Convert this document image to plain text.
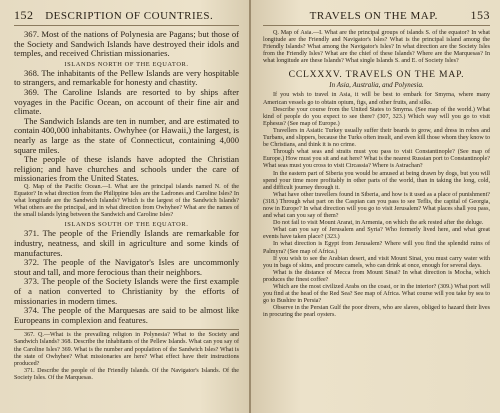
152 DESCRIPTION OF COUNTRIES.

367. Most of the nations of Polynesia are Pagans; but those of the Society and Sandwich Islands have destroyed their idols and temples, and received Christian missionaries.

ISLANDS NORTH OF THE EQUATOR.

368. The inhabitants of the Pellew Islands are very hospitable to strangers, and remarkable for honesty and chastity.

369. The Caroline Islands are resorted to by ships after voyages in the Pacific Ocean, on account of their fine air and climate.

The Sandwich Islands are ten in number, and are estimated to contain 400,000 inhabitants. Owhyhee (or Hawaii,) the largest, is nearly as large as the state of Connecticut, containing 4,000 square miles.

The people of these islands have adopted the Christian religion; and have churches and schools under the care of missionaries from the United States.

Q. Map of the Pacific Ocean.—I. What are the principal islands named N. of the Equator? In what direction from the Philippine Isles are the Ladrones and Caroline Isles? In what longitude are the Sandwich Islands? Which is the largest of the Sandwich Islands? What others are the principal, and in what direction from Owhyhee? What are the names of the small islands lying between the Sandwich and Caroline Isles?

ISLANDS SOUTH OF THE EQUATOR.

371. The people of the Friendly Islands are remarkable for industry, neatness, and skill in agriculture and some kinds of manufactures.

372. The people of the Navigator's Isles are uncommonly stout and tall, and more ferocious than their neighbors.

373. The people of the Society Islands were the first example of a nation converted to Christianity by the efforts of missionaries in modern times.

374. The people of the Marquesas are said to be almost like Europeans in complexion and features.

367. Q.—What is the prevailing religion in Polynesia? What to the Society and Sandwich Islands? 368. Describe the inhabitants of the Pellew Islands. What can you say of the Caroline Isles? 369. What is the number and population of the Sandwich Isles? What is the state of Owhyhee? What missionaries are here? What effect have their instructions produced?

371. Describe the people of the Friendly Islands. Of the Navigator's Islands. Of the Society Isles. Of the Marquesas.

TRAVELS ON THE MAP.	153

Q. Map of Asia.—I. What are the principal groups of islands S. of the equator? In what longitude are the Friendly and Navigator's Isles? What is the principal island among the Friendly Islands? What among the Navigator's Isles? In what direction are the Society Isles from the Friendly Isles? What are the chief of these Islands? Where are the Marquesas? In what longitude are these Islands? What single Islands S. and E. of Society Isles?

CCLXXXV. TRAVELS ON THE MAP.

In Asia, Australia, and Polynesia.

If you wish to travel in Asia, it will be best to embark for Smyrna, where many American vessels go to obtain opium, figs, and other fruits, and silks.

Describe your course from the United States to Smyrna. (See map of the world.) What kind of people do you expect to see there? (307, 323.) Which way will you go to visit Ephesus? (See map of Europe.)

Travellers in Asiatic Turkey usually suffer their beards to grow, and dress in robes and Turbans, and slippers, because the Turks often insult, and even kill those whom they know to be Christians, and think it is no crime.

Through what seas and straits must you pass to visit Constantinople? (See map of Europe.) How must you sit and eat here? What is the nearest Russian port to Constantinople? What seas must you cross to visit Circassia? Where is Astrachan?

In the eastern part of Siberia you would be amused at being drawn by dogs, but you will spend your time more profitably in other parts of the world, than in taking the long, cold, and difficult journey through it.

What have other travellers found in Siberia, and how is it used as a place of punishment? (318.) Through what part on the Caspian can you pass to see Teflis, the capital of Georgia, now in Europe? In what direction will you go to visit Jerusalem? What places shall you pass, and what can you say of them?

Do not fail to visit Mount Ararat, in Armenia, on which the ark rested after the deluge.

What can you say of Jerusalem and Syria? Who formerly lived here, and what great events have taken place? (323.)

In what direction is Egypt from Jerusalem? Where will you find the splendid ruins of Palmyra? (See map of Africa.)

If you wish to see the Arabian desert, and visit Mount Sinai, you must carry water with you in bags of skins, and procure camels, who can drink at once, enough for several days.

What is the distance of Mecca from Mount Sinai? In what direction is Mocha, which produces the finest coffee?

Which are the most civilized Arabs on the coast, or in the interior? (309.) What port will you find at the head of the Red Sea? See map of Africa. What course will you take by sea to go to Bushire in Persia?

Observe in the Persian Gulf the poor divers, who are slaves, obliged to hazard their lives in procuring the pearl oysters.
